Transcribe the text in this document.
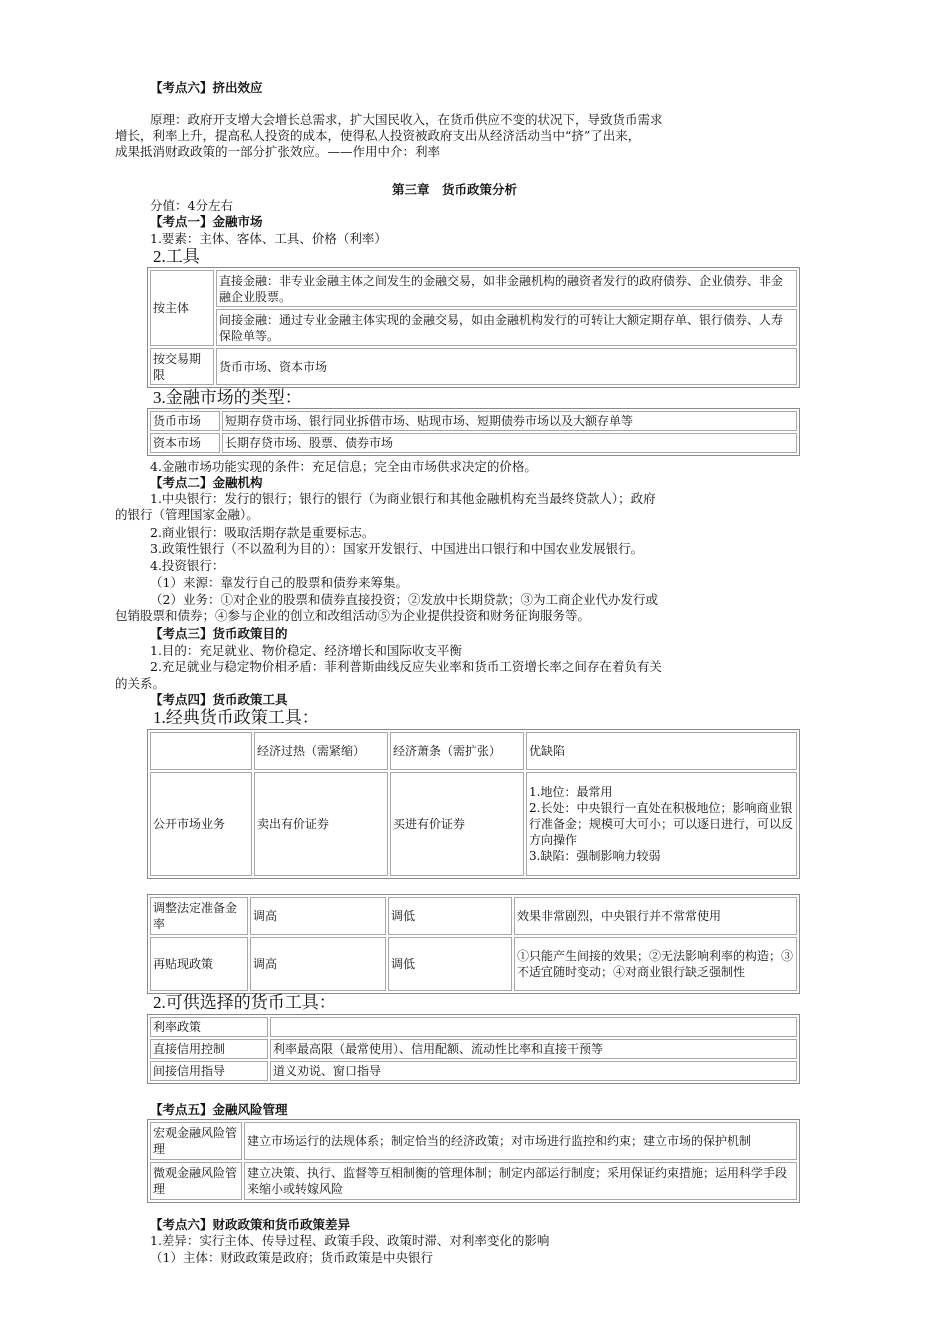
【考点六】挤出效应
原理：政府开支增大会增长总需求，扩大国民收入，在货币供应不变的状况下，导致货币需求
增长，利率上升，提高私人投资的成本，使得私人投资被政府支出从经济活动当中“挤”了出来，
成果抵消财政政策的一部分扩张效应。——作用中介：利率
第三章　货币政策分析
分值：4分左右
【考点一】金融市场
1.要素：主体、客体、工具、价格（利率）
2.工具
按主体	直接金融：非专业金融主体之间发生的金融交易，如非金融机构的融资者发行的政府债券、企业债券、非金融企业股票。
	间接金融：通过专业金融主体实现的金融交易，如由金融机构发行的可转让大额定期存单、银行债券、人寿保险单等。
按交易期限	货币市场、资本市场
3.金融市场的类型：
货币市场	短期存贷市场、银行同业拆借市场、贴现市场、短期债券市场以及大额存单等
资本市场	长期存贷市场、股票、债券市场
4.金融市场功能实现的条件：充足信息；完全由市场供求决定的价格。
【考点二】金融机构
1.中央银行：发行的银行；银行的银行（为商业银行和其他金融机构充当最终贷款人）；政府
的银行（管理国家金融）。
2.商业银行：吸取活期存款是重要标志。
3.政策性银行（不以盈利为目的）：国家开发银行、中国进出口银行和中国农业发展银行。
4.投资银行：
（1）来源：靠发行自己的股票和债券来筹集。
（2）业务：①对企业的股票和债券直接投资；②发放中长期贷款；③为工商企业代办发行或
包销股票和债券；④参与企业的创立和改组活动⑤为企业提供投资和财务征询服务等。
【考点三】货币政策目的
1.目的：充足就业、物价稳定、经济增长和国际收支平衡
2.充足就业与稳定物价相矛盾：菲利普斯曲线反应失业率和货币工资增长率之间存在着负有关
的关系。
【考点四】货币政策工具
1.经典货币政策工具：
	经济过热（需紧缩）	经济萧条（需扩张）	优缺陷
公开市场业务	卖出有价证券	买进有价证券	1.地位：最常用
2.长处：中央银行一直处在积极地位；影响商业银行准备金；规模可大可小；可以逐日进行，可以反方向操作
3.缺陷：强制影响力较弱
调整法定准备金率	调高	调低	效果非常剧烈，中央银行并不常常使用
再贴现政策	调高	调低	①只能产生间接的效果；②无法影响利率的构造；③不适宜随时变动；④对商业银行缺乏强制性
2.可供选择的货币工具：
利率政策	
直接信用控制	利率最高限（最常使用）、信用配额、流动性比率和直接干预等
间接信用指导	道义劝说、窗口指导
【考点五】金融风险管理
宏观金融风险管理	建立市场运行的法规体系；制定恰当的经济政策；对市场进行监控和约束；建立市场的保护机制
微观金融风险管理	建立决策、执行、监督等互相制衡的管理体制；制定内部运行制度；采用保证约束措施；运用科学手段来缩小或转嫁风险
【考点六】财政政策和货币政策差异
1.差异：实行主体、传导过程、政策手段、政策时滞、对利率变化的影响
（1）主体：财政政策是政府；货币政策是中央银行
